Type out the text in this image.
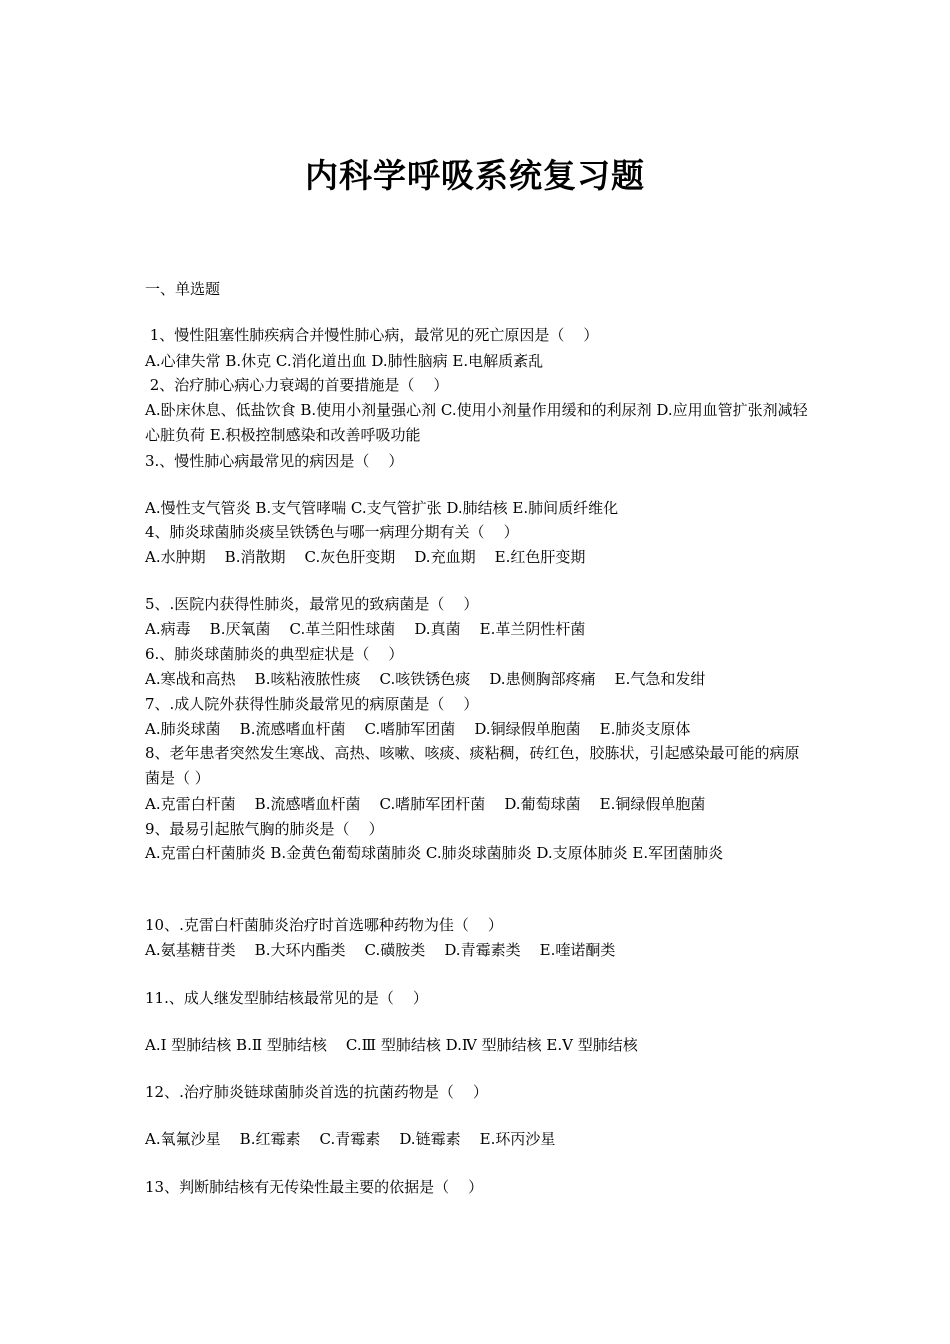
内科学呼吸系统复习题
一、单选题
1、慢性阻塞性肺疾病合并慢性肺心病，最常见的死亡原因是（    ）
A.心律失常 B.休克 C.消化道出血 D.肺性脑病 E.电解质紊乱
2、治疗肺心病心力衰竭的首要措施是（    ）
A.卧床休息、低盐饮食 B.使用小剂量强心剂 C.使用小剂量作用缓和的利尿剂 D.应用血管扩张剂减轻心脏负荷 E.积极控制感染和改善呼吸功能
3.、慢性肺心病最常见的病因是（    ）
A.慢性支气管炎 B.支气管哮喘 C.支气管扩张 D.肺结核 E.肺间质纤维化
4、肺炎球菌肺炎痰呈铁锈色与哪一病理分期有关（    ）
A.水肿期    B.消散期    C.灰色肝变期    D.充血期    E.红色肝变期
5、.医院内获得性肺炎，最常见的致病菌是（    ）
A.病毒    B.厌氧菌    C.革兰阳性球菌    D.真菌    E.革兰阴性杆菌
6.、肺炎球菌肺炎的典型症状是（    ）
A.寒战和高热    B.咳粘液脓性痰    C.咳铁锈色痰    D.患侧胸部疼痛    E.气急和发绀
7、.成人院外获得性肺炎最常见的病原菌是（    ）
A.肺炎球菌    B.流感嗜血杆菌    C.嗜肺军团菌    D.铜绿假单胞菌    E.肺炎支原体
8、老年患者突然发生寒战、高热、咳嗽、咳痰、痰粘稠，砖红色，胶胨状，引起感染最可能的病原菌是（ ）
A.克雷白杆菌    B.流感嗜血杆菌    C.嗜肺军团杆菌    D.葡萄球菌    E.铜绿假单胞菌
9、最易引起脓气胸的肺炎是（    ）
A.克雷白杆菌肺炎 B.金黄色葡萄球菌肺炎 C.肺炎球菌肺炎 D.支原体肺炎 E.军团菌肺炎
10、.克雷白杆菌肺炎治疗时首选哪种药物为佳（    ）
A.氨基糖苷类    B.大环内酯类    C.磺胺类    D.青霉素类    E.喹诺酮类
11.、成人继发型肺结核最常见的是（    ）
A.I 型肺结核 B.Ⅱ 型肺结核    C.Ⅲ 型肺结核 D.Ⅳ 型肺结核 E.V 型肺结核
12、.治疗肺炎链球菌肺炎首选的抗菌药物是（    ）
A.氧氟沙星    B.红霉素    C.青霉素    D.链霉素    E.环丙沙星
13、判断肺结核有无传染性最主要的依据是（    ）
